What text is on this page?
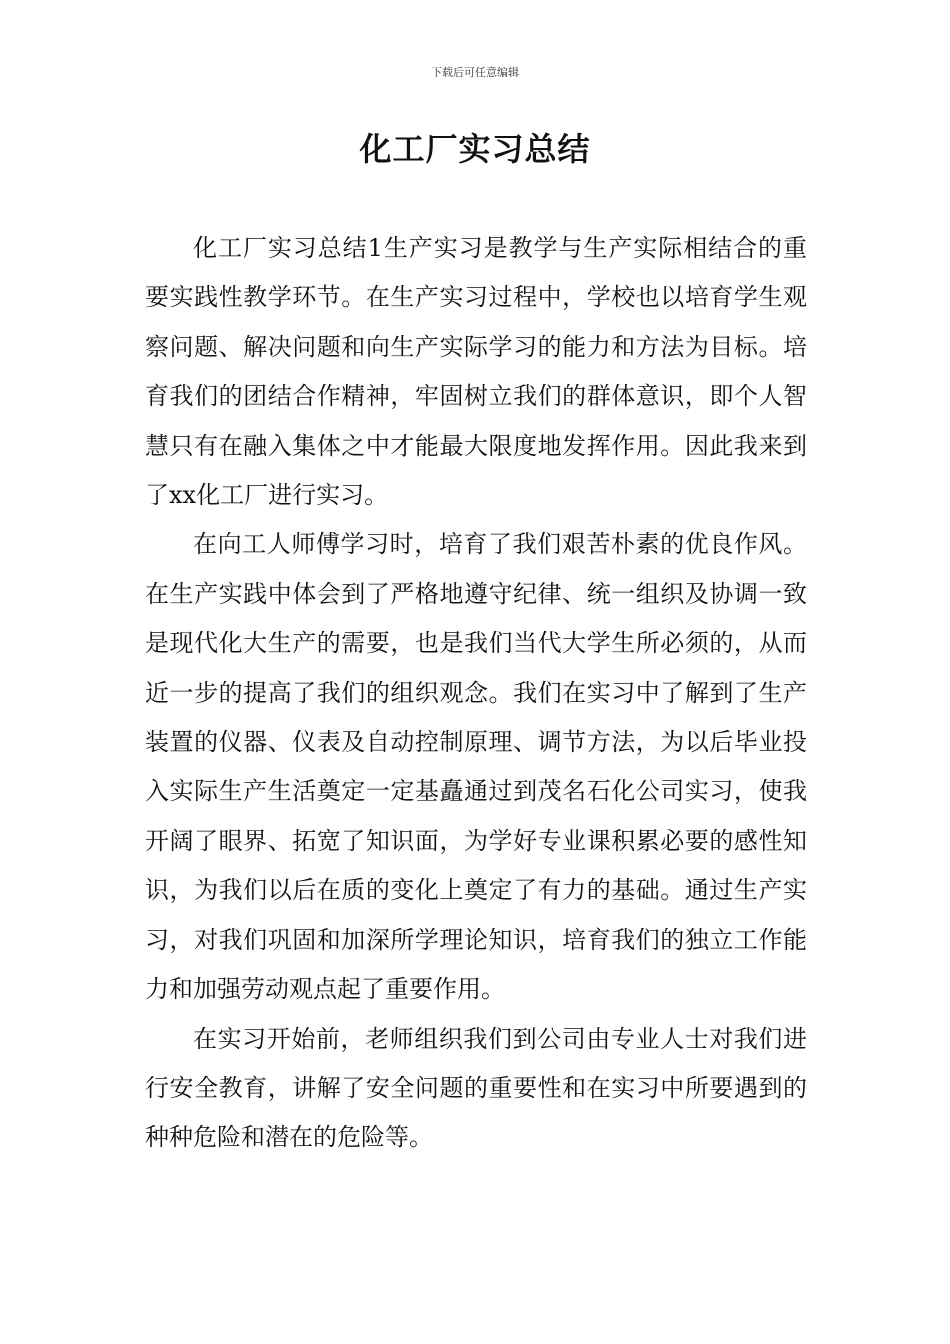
下载后可任意编辑
化工厂实习总结

化工厂实习总结1生产实习是教学与生产实际相结合的重要实践性教学环节。在生产实习过程中，学校也以培育学生观察问题、解决问题和向生产实际学习的能力和方法为目标。培育我们的团结合作精神，牢固树立我们的群体意识，即个人智慧只有在融入集体之中才能最大限度地发挥作用。因此我来到了xx化工厂进行实习。

在向工人师傅学习时，培育了我们艰苦朴素的优良作风。在生产实践中体会到了严格地遵守纪律、统一组织及协调一致是现代化大生产的需要，也是我们当代大学生所必须的，从而近一步的提高了我们的组织观念。我们在实习中了解到了生产装置的仪器、仪表及自动控制原理、调节方法，为以后毕业投入实际生产生活奠定一定基矗通过到茂名石化公司实习，使我开阔了眼界、拓宽了知识面，为学好专业课积累必要的感性知识，为我们以后在质的变化上奠定了有力的基础。通过生产实习，对我们巩固和加深所学理论知识，培育我们的独立工作能力和加强劳动观点起了重要作用。

在实习开始前，老师组织我们到公司由专业人士对我们进行安全教育，讲解了安全问题的重要性和在实习中所要遇到的种种危险和潜在的危险等。
